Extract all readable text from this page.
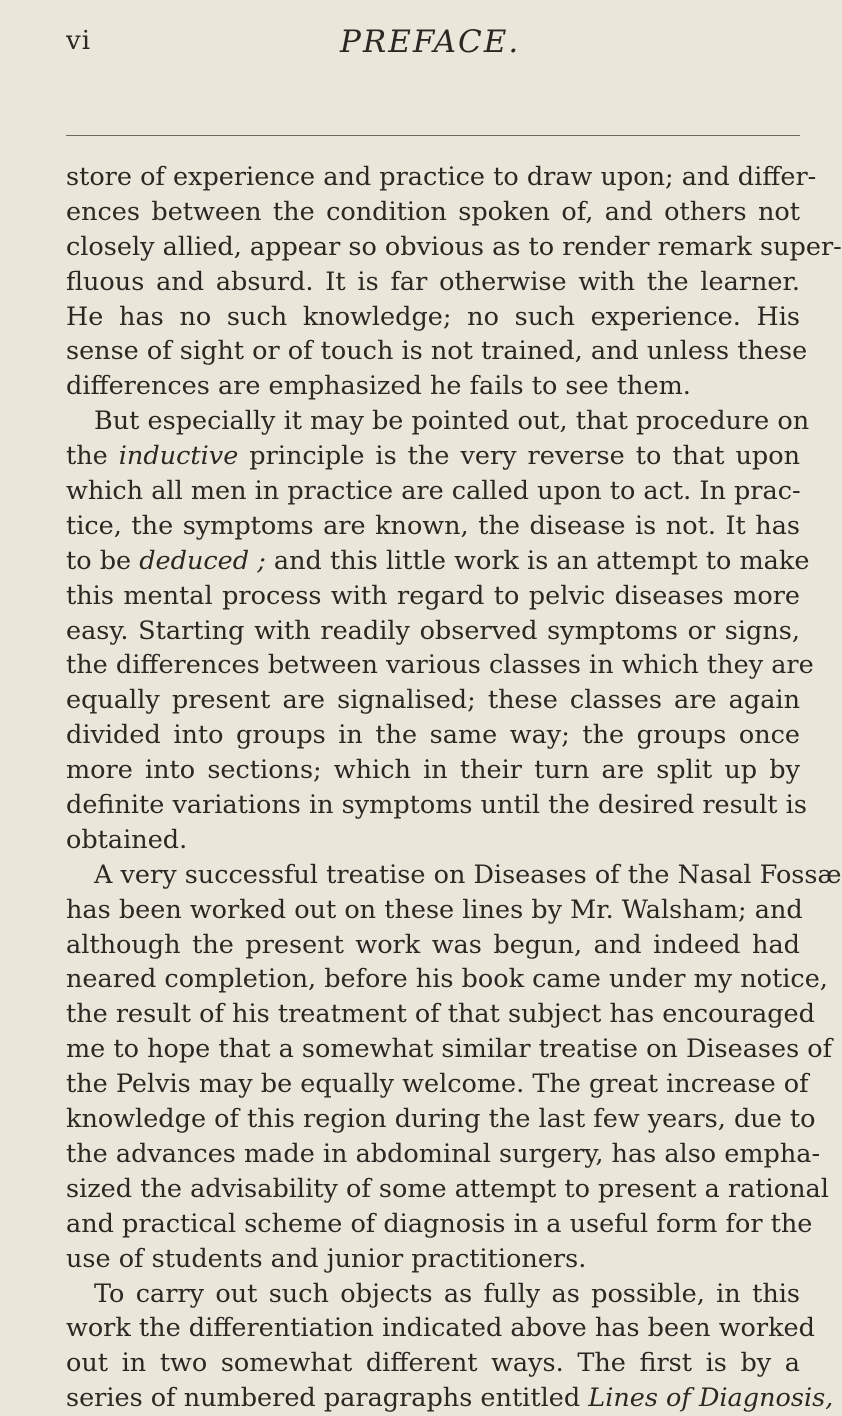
vi	PREFACE.
store of experience and practice to draw upon; and differ-
ences between the condition spoken of, and others not
closely allied, appear so obvious as to render remark super-
fluous and absurd. It is far otherwise with the learner.
He has no such knowledge; no such experience. His
sense of sight or of touch is not trained, and unless these
differences are emphasized he fails to see them.
But especially it may be pointed out, that procedure on
the inductive principle is the very reverse to that upon
which all men in practice are called upon to act. In prac-
tice, the symptoms are known, the disease is not. It has
to be deduced ; and this little work is an attempt to make
this mental process with regard to pelvic diseases more
easy. Starting with readily observed symptoms or signs,
the differences between various classes in which they are
equally present are signalised; these classes are again
divided into groups in the same way; the groups once
more into sections; which in their turn are split up by
definite variations in symptoms until the desired result is
obtained.
A very successful treatise on Diseases of the Nasal Fossæ
has been worked out on these lines by Mr. Walsham; and
although the present work was begun, and indeed had
neared completion, before his book came under my notice,
the result of his treatment of that subject has encouraged
me to hope that a somewhat similar treatise on Diseases of
the Pelvis may be equally welcome. The great increase of
knowledge of this region during the last few years, due to
the advances made in abdominal surgery, has also empha-
sized the advisability of some attempt to present a rational
and practical scheme of diagnosis in a useful form for the
use of students and junior practitioners.
To carry out such objects as fully as possible, in this
work the differentiation indicated above has been worked
out in two somewhat different ways. The first is by a
series of numbered paragraphs entitled Lines of Diagnosis,
